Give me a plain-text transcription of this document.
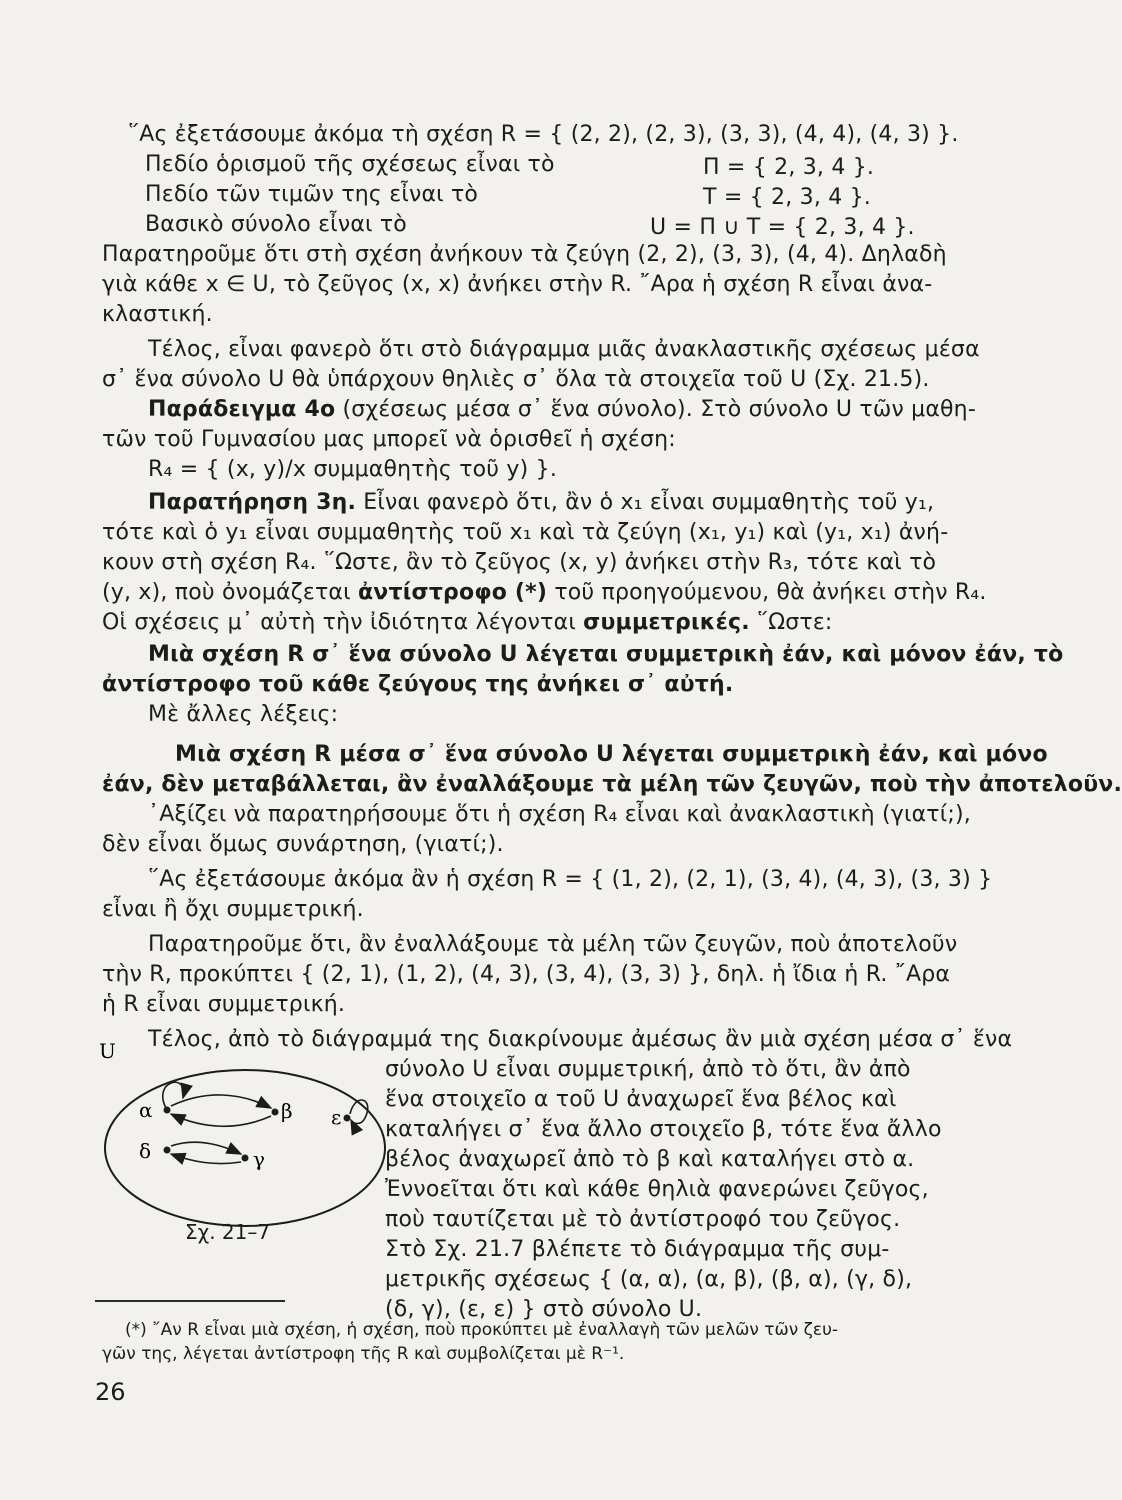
῞Ας ἐξετάσουμε ἀκόμα τὴ σχέση R = { (2, 2), (2, 3), (3, 3), (4, 4), (4, 3) }.
Πεδίο ὁρισμοῦ τῆς σχέσεως εἶναι τὸ	Π = { 2, 3, 4 }.
Πεδίο τῶν τιμῶν της εἶναι τὸ	Τ = { 2, 3, 4 }.
Βασικὸ σύνολο εἶναι τὸ	U = Π ∪ Τ = { 2, 3, 4 }.
Παρατηροῦμε ὅτι στὴ σχέση ἀνήκουν τὰ ζεύγη (2, 2), (3, 3), (4, 4). Δηλαδὴ
γιὰ κάθε x ∈ U, τὸ ζεῦγος (x, x) ἀνήκει στὴν R. ῎Αρα ἡ σχέση R εἶναι ἀνα-
κλαστική.
Τέλος, εἶναι φανερὸ ὅτι στὸ διάγραμμα μιᾶς ἀνακλαστικῆς σχέσεως μέσα
σ᾽ ἕνα σύνολο U θὰ ὑπάρχουν θηλιὲς σ᾽ ὅλα τὰ στοιχεῖα τοῦ U (Σχ. 21.5).
Παράδειγμα 4ο (σχέσεως μέσα σ᾽ ἕνα σύνολο). Στὸ σύνολο U τῶν μαθη-
τῶν τοῦ Γυμνασίου μας μπορεῖ νὰ ὁρισθεῖ ἡ σχέση:
R₄ = { (x, y)/x συμμαθητὴς τοῦ y) }.
Παρατήρηση 3η. Εἶναι φανερὸ ὅτι, ἂν ὁ x₁ εἶναι συμμαθητὴς τοῦ y₁,
τότε καὶ ὁ y₁ εἶναι συμμαθητὴς τοῦ x₁ καὶ τὰ ζεύγη (x₁, y₁) καὶ (y₁, x₁) ἀνή-
κουν στὴ σχέση R₄. ῞Ωστε, ἂν τὸ ζεῦγος (x, y) ἀνήκει στὴν R₃, τότε καὶ τὸ
(y, x), ποὺ ὀνομάζεται ἀντίστροφο (*) τοῦ προηγούμενου, θὰ ἀνήκει στὴν R₄.
Οἱ σχέσεις μ᾽ αὐτὴ τὴν ἰδιότητα λέγονται συμμετρικές. ῞Ωστε:
Μιὰ σχέση R σ᾽ ἕνα σύνολο U λέγεται συμμετρικὴ ἐάν, καὶ μόνον ἐάν, τὸ
ἀντίστροφο τοῦ κάθε ζεύγους της ἀνήκει σ᾽ αὐτή.
Μὲ ἄλλες λέξεις:
Μιὰ σχέση R μέσα σ᾽ ἕνα σύνολο U λέγεται συμμετρικὴ ἐάν, καὶ μόνο
ἐάν, δὲν μεταβάλλεται, ἂν ἐναλλάξουμε τὰ μέλη τῶν ζευγῶν, ποὺ τὴν ἀποτελοῦν.
᾽Αξίζει νὰ παρατηρήσουμε ὅτι ἡ σχέση R₄ εἶναι καὶ ἀνακλαστικὴ (γιατί;),
δὲν εἶναι ὅμως συνάρτηση, (γιατί;).
῞Ας ἐξετάσουμε ἀκόμα ἂν ἡ σχέση R = { (1, 2), (2, 1), (3, 4), (4, 3), (3, 3) }
εἶναι ἢ ὄχι συμμετρική.
Παρατηροῦμε ὅτι, ἂν ἐναλλάξουμε τὰ μέλη τῶν ζευγῶν, ποὺ ἀποτελοῦν
τὴν R, προκύπτει { (2, 1), (1, 2), (4, 3), (3, 4), (3, 3) }, δηλ. ἡ ἴδια ἡ R. ῎Αρα
ἡ R εἶναι συμμετρική.
Τέλος, ἀπὸ τὸ διάγραμμά της διακρίνουμε ἀμέσως ἂν μιὰ σχέση μέσα σ᾽ ἕνα
σύνολο U εἶναι συμμετρική, ἀπὸ τὸ ὅτι, ἂν ἀπὸ
ἕνα στοιχεῖο α τοῦ U ἀναχωρεῖ ἕνα βέλος καὶ
καταλήγει σ᾽ ἕνα ἄλλο στοιχεῖο β, τότε ἕνα ἄλλο
βέλος ἀναχωρεῖ ἀπὸ τὸ β καὶ καταλήγει στὸ α.
Ἐννοεῖται ὅτι καὶ κάθε θηλιὰ φανερώνει ζεῦγος,
ποὺ ταυτίζεται μὲ τὸ ἀντίστροφό του ζεῦγος.
Στὸ Σχ. 21.7 βλέπετε τὸ διάγραμμα τῆς συμ-
μετρικῆς σχέσεως { (α, α), (α, β), (β, α), (γ, δ),
(δ, γ), (ε, ε) } στὸ σύνολο U.
U
α	β ε
δ	γ
Σχ. 21–7
(*) ῎Αν R εἶναι μιὰ σχέση, ἡ σχέση, ποὺ προκύπτει μὲ ἐναλλαγὴ τῶν μελῶν τῶν ζευ-
γῶν της, λέγεται ἀντίστροφη τῆς R καὶ συμβολίζεται μὲ R⁻¹.
26
